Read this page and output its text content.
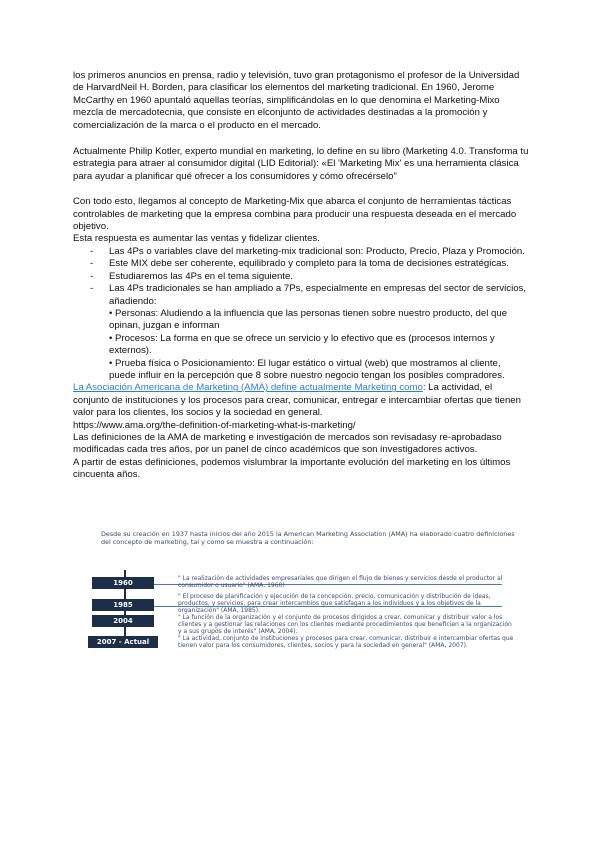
los primeros anuncios en prensa, radio y televisión, tuvo gran protagonismo el profesor de la Universidad de HarvardNeil H. Borden, para clasificar los elementos del marketing tradicional. En 1960, Jerome McCarthy en 1960 apuntaló aquellas teorías, simplificándolas en lo que denomina el Marketing-Mixo mezcla de mercadotecnia, que consiste en elconjunto de actividades destinadas a la promoción y comercialización de la marca o el producto en el mercado.

Actualmente Philip Kotler, experto mundial en marketing, lo define en su libro (Marketing 4.0. Transforma tu estrategia para atraer al consumidor digital (LID Editorial): «El 'Marketing Mix' es una herramienta clásica para ayudar a planificar qué ofrecer a los consumidores y cómo ofrecérselo"

Con todo esto, llegamos al concepto de Marketing-Mix que abarca el conjunto de herramientas tácticas controlables de marketing que la empresa combina para producir una respuesta deseada en el mercado objetivo.

Esta respuesta es aumentar las ventas y fidelizar clientes.

- Las 4Ps o variables clave del marketing-mix tradicional son: Producto, Precio, Plaza y Promoción.
- Este MIX debe ser coherente, equilibrado y completo para la toma de decisiones estratégicas.
- Estudiaremos las 4Ps en el tema siguiente.
- Las 4Ps tradicionales se han ampliado a 7Ps, especialmente en empresas del sector de servicios, añadiendo:
• Personas: Aludiendo a la influencia que las personas tienen sobre nuestro producto, del que opinan, juzgan e informan
• Procesos: La forma en que se ofrece un servicio y lo efectivo que es (procesos internos y externos).
• Prueba física o Posicionamiento: El lugar estático o virtual (web) que mostramos al cliente, puede influir en la percepción que 8 sobre nuestro negocio tengan los posibles compradores.

La Asociación Americana de Marketing (AMA) define actualmente Marketing como: La actividad, el conjunto de instituciones y los procesos para crear, comunicar, entregar e intercambiar ofertas que tienen valor para los clientes, los socios y la sociedad en general.

https://www.ama.org/the-definition-of-marketing-what-is-marketing/

Las definiciones de la AMA de marketing e investigación de mercados son revisadasy re-aprobadaso modificadas cada tres años, por un panel de cinco académicos que son investigadores activos.

A partir de estas definiciones, podemos vislumbrar la importante evolución del marketing en los últimos cincuenta años.

Desde su creación en 1937 hasta inicios del año 2015 la American Marketing Association (AMA) ha elaborado cuatro definiciones del concepto de marketing, tal y como se muestra a continuación:
1960
" La realización de actividades empresariales que dirigen el flujo de bienes y servicios desde el productor al consumidor o usuario" (AMA, 1960)
1985
" El proceso de planificación y ejecución de la concepción, precio, comunicación y distribución de ideas, productos, y servicios, para crear intercambios que satisfagan a los individuos y a los objetivos de la organización" (AMA, 1985).
2004	" La función de la organización y el conjunto de procesos dirigidos a crear, comunicar y distribuir valor a los clientes y a gestionar las relaciones con los clientes mediante procedimientos que beneficien a la organización y a sus grupos de interés" (AMA, 2004).
2007 - Actual	" La actividad, conjunto de instituciones y procesos para crear, comunicar, distribuir e intercambiar ofertas que tienen valor para los consumidores, clientes, socios y para la sociedad en general" (AMA, 2007).
